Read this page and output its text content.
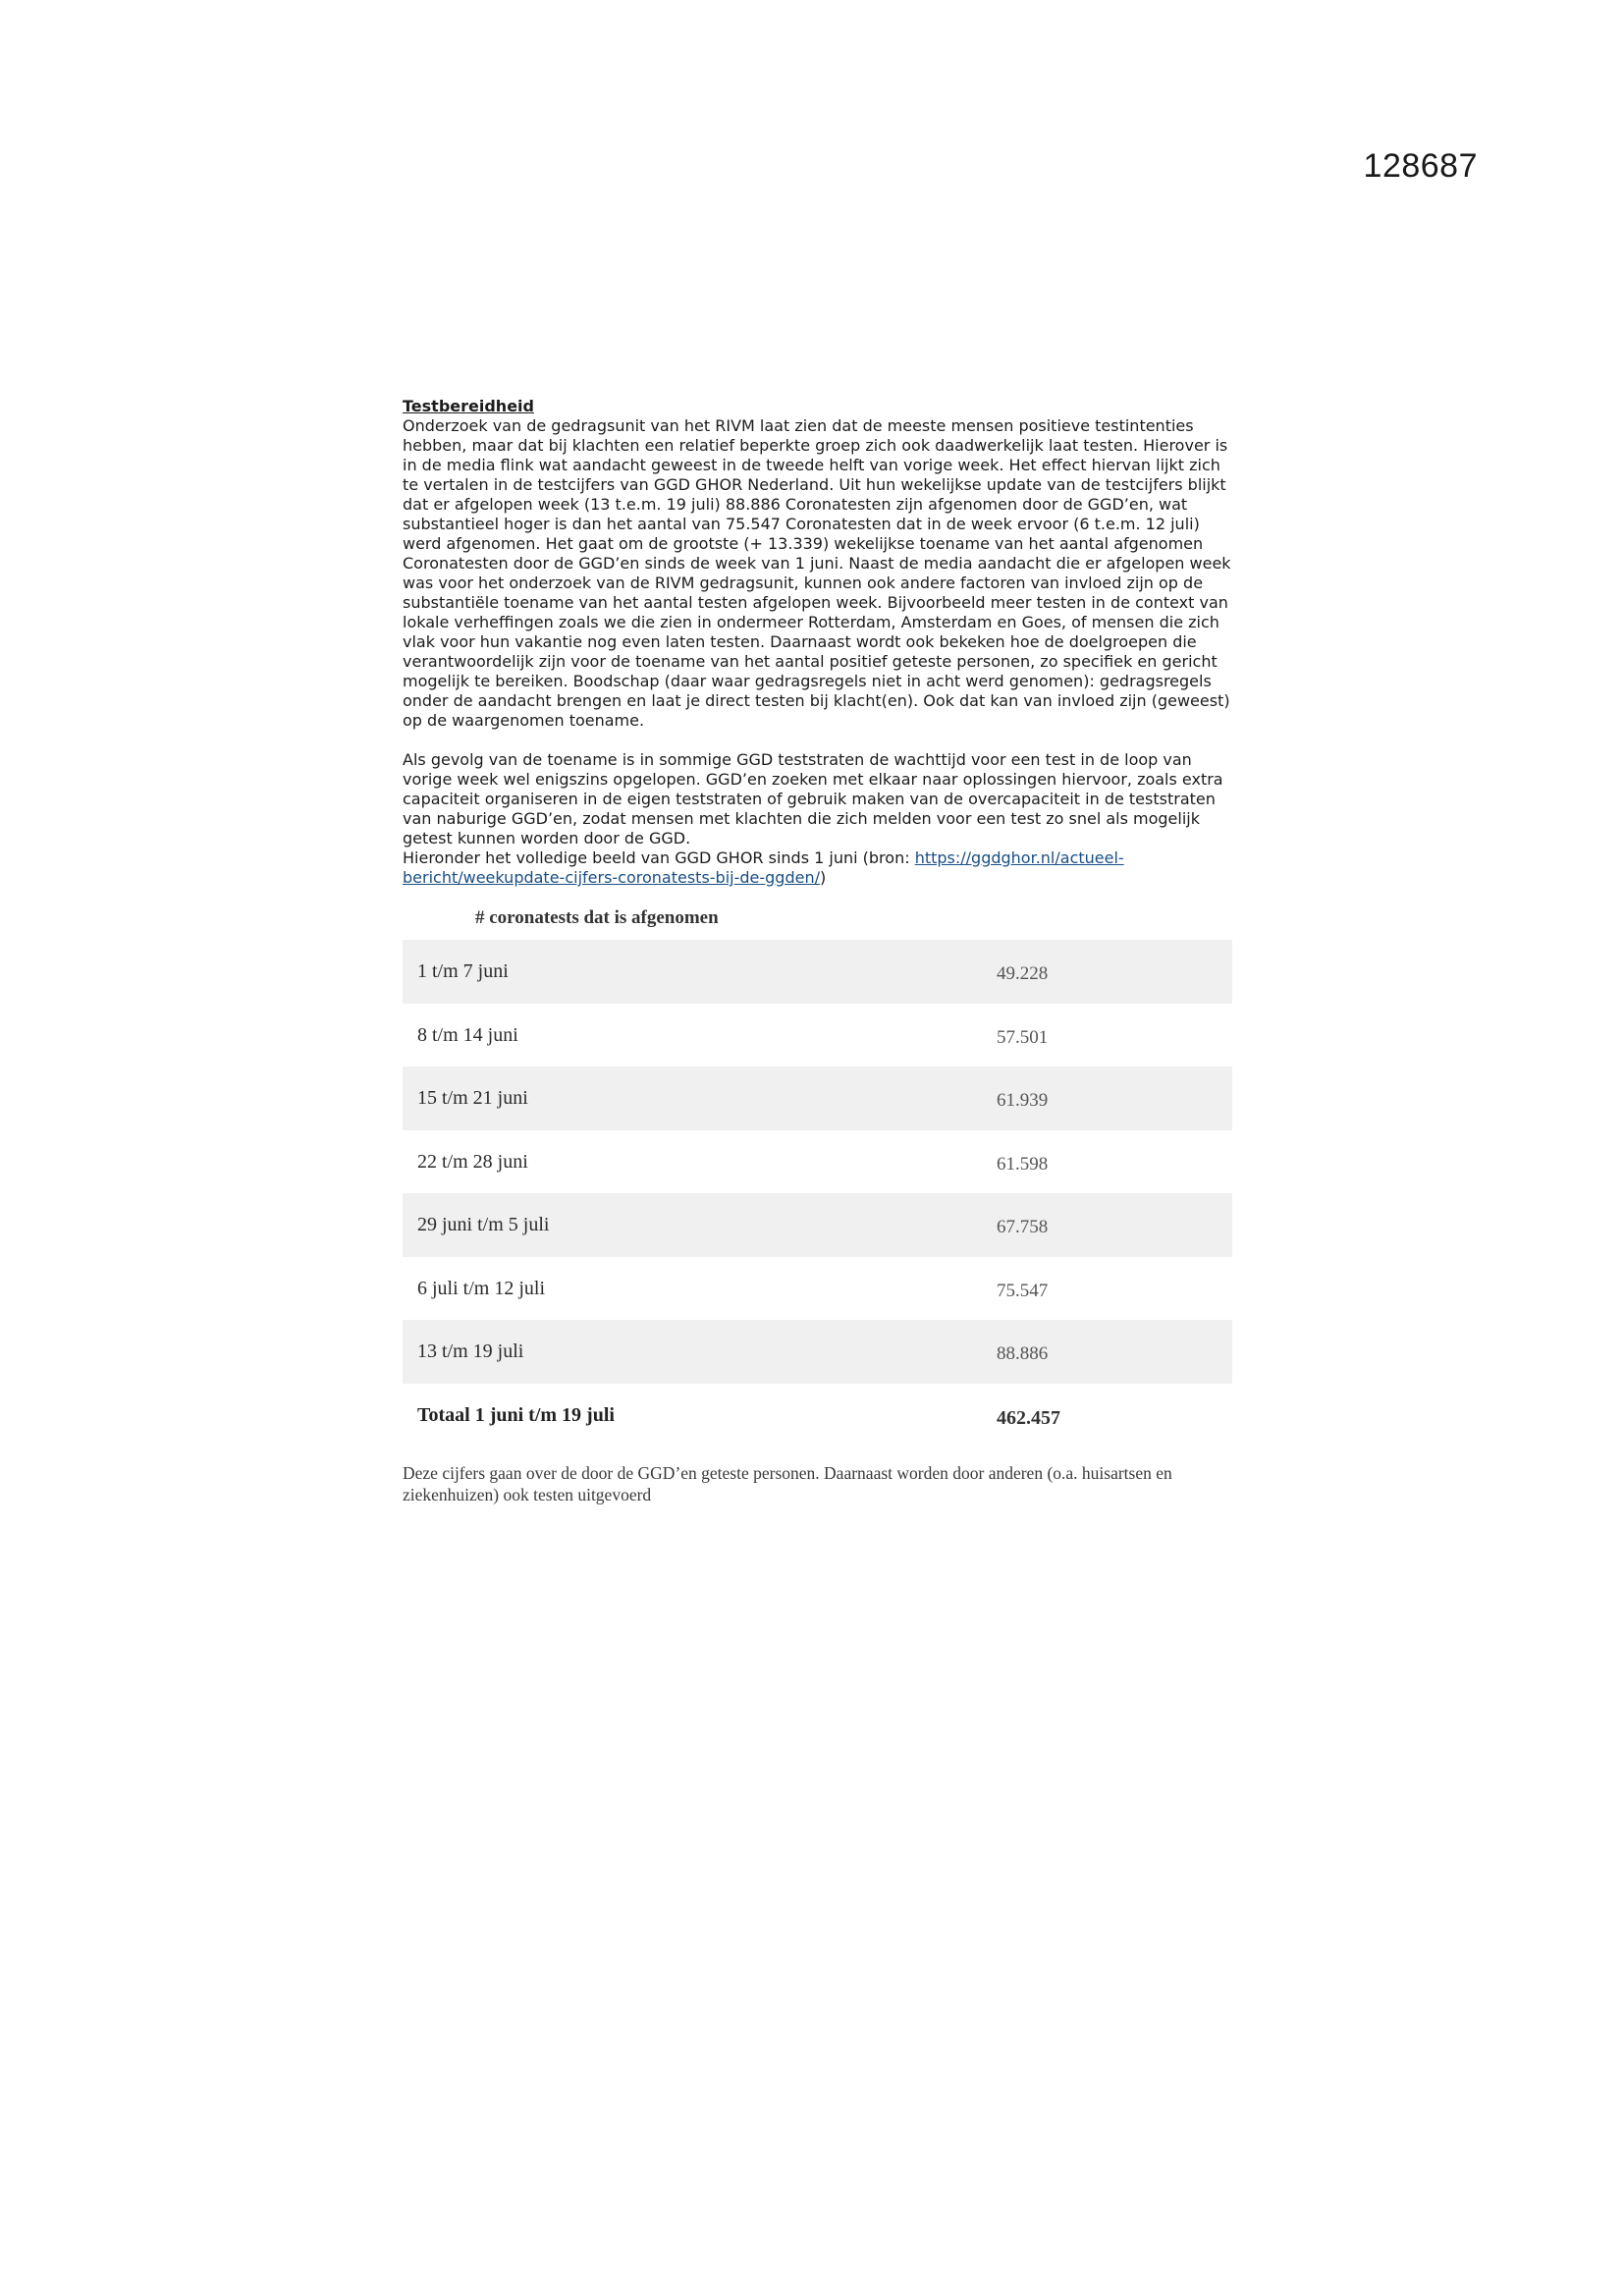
128687

Testbereidheid

Onderzoek van de gedragsunit van het RIVM laat zien dat de meeste mensen positieve testintenties hebben, maar dat bij klachten een relatief beperkte groep zich ook daadwerkelijk laat testen. Hierover is in de media flink wat aandacht geweest in de tweede helft van vorige week. Het effect hiervan lijkt zich te vertalen in de testcijfers van GGD GHOR Nederland. Uit hun wekelijkse update van de testcijfers blijkt dat er afgelopen week (13 t.e.m. 19 juli) 88.886 Coronatesten zijn afgenomen door de GGD’en, wat substantieel hoger is dan het aantal van 75.547 Coronatesten dat in de week ervoor (6 t.e.m. 12 juli) werd afgenomen. Het gaat om de grootste (+ 13.339) wekelijkse toename van het aantal afgenomen Coronatesten door de GGD’en sinds de week van 1 juni. Naast de media aandacht die er afgelopen week was voor het onderzoek van de RIVM gedragsunit, kunnen ook andere factoren van invloed zijn op de substantiële toename van het aantal testen afgelopen week. Bijvoorbeeld meer testen in de context van lokale verheffingen zoals we die zien in ondermeer Rotterdam, Amsterdam en Goes, of mensen die zich vlak voor hun vakantie nog even laten testen. Daarnaast wordt ook bekeken hoe de doelgroepen die verantwoordelijk zijn voor de toename van het aantal positief geteste personen, zo specifiek en gericht mogelijk te bereiken. Boodschap (daar waar gedragsregels niet in acht werd genomen): gedragsregels onder de aandacht brengen en laat je direct testen bij klacht(en). Ook dat kan van invloed zijn (geweest) op de waargenomen toename.

Als gevolg van de toename is in sommige GGD teststraten de wachttijd voor een test in de loop van vorige week wel enigszins opgelopen. GGD’en zoeken met elkaar naar oplossingen hiervoor, zoals extra capaciteit organiseren in de eigen teststraten of gebruik maken van de overcapaciteit in de teststraten van naburige GGD’en, zodat mensen met klachten die zich melden voor een test zo snel als mogelijk getest kunnen worden door de GGD.

Hieronder het volledige beeld van GGD GHOR sinds 1 juni (bron: https://ggdghor.nl/actueel-bericht/weekupdate-cijfers-coronatests-bij-de-ggden/)

# coronatests dat is afgenomen
1 t/m 7 juni	49.228
8 t/m 14 juni	57.501
15 t/m 21 juni	61.939
22 t/m 28 juni	61.598
29 juni t/m 5 juli	67.758
6 juli t/m 12 juli	75.547
13 t/m 19 juli	88.886
Totaal 1 juni t/m 19 juli	462.457
Deze cijfers gaan over de door de GGD’en geteste personen. Daarnaast worden door anderen (o.a. huisartsen en ziekenhuizen) ook testen uitgevoerd
